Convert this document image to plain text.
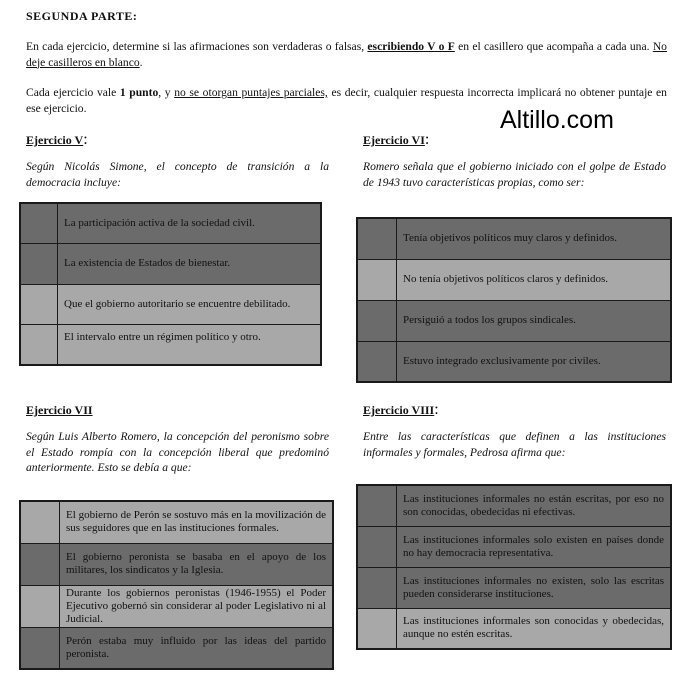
SEGUNDA PARTE:
En cada ejercicio, determine si las afirmaciones son verdaderas o falsas, escribiendo V o F en el casillero que acompaña a cada una. No deje casilleros en blanco.
Cada ejercicio vale 1 punto, y no se otorgan puntajes parciales, es decir, cualquier respuesta incorrecta implicará no obtener puntaje en ese ejercicio.	Altillo.com
Ejercicio V:
Según Nicolás Simone, el concepto de transición a la democracia incluye:
	La participación activa de la sociedad civil.
	La existencia de Estados de bienestar.
	Que el gobierno autoritario se encuentre debilitado.
	El intervalo entre un régimen político y otro.
Ejercicio VI:
Romero señala que el gobierno iniciado con el golpe de Estado de 1943 tuvo características propias, como ser:
	Tenía objetivos políticos muy claros y definidos.
	No tenía objetivos políticos claros y definidos.
	Persiguió a todos los grupos sindicales.
	Estuvo integrado exclusivamente por civiles.
Ejercicio VII
Según Luis Alberto Romero, la concepción del peronismo sobre el Estado rompía con la concepción liberal que predominó anteriormente. Esto se debía a que:
	El gobierno de Perón se sostuvo más en la movilización de sus seguidores que en las instituciones formales.
	El gobierno peronista se basaba en el apoyo de los militares, los sindicatos y la Iglesia.
	Durante los gobiernos peronistas (1946-1955) el Poder Ejecutivo gobernó sin considerar al poder Legislativo ni al Judicial.
	Perón estaba muy influido por las ideas del partido peronista.
Ejercicio VIII:
Entre las características que definen a las instituciones informales y formales, Pedrosa afirma que:
	Las instituciones informales no están escritas, por eso no son conocidas, obedecidas ni efectivas.
	Las instituciones informales solo existen en países donde no hay democracia representativa.
	Las instituciones informales no existen, solo las escritas pueden considerarse instituciones.
	Las instituciones informales son conocidas y obedecidas, aunque no estén escritas.
